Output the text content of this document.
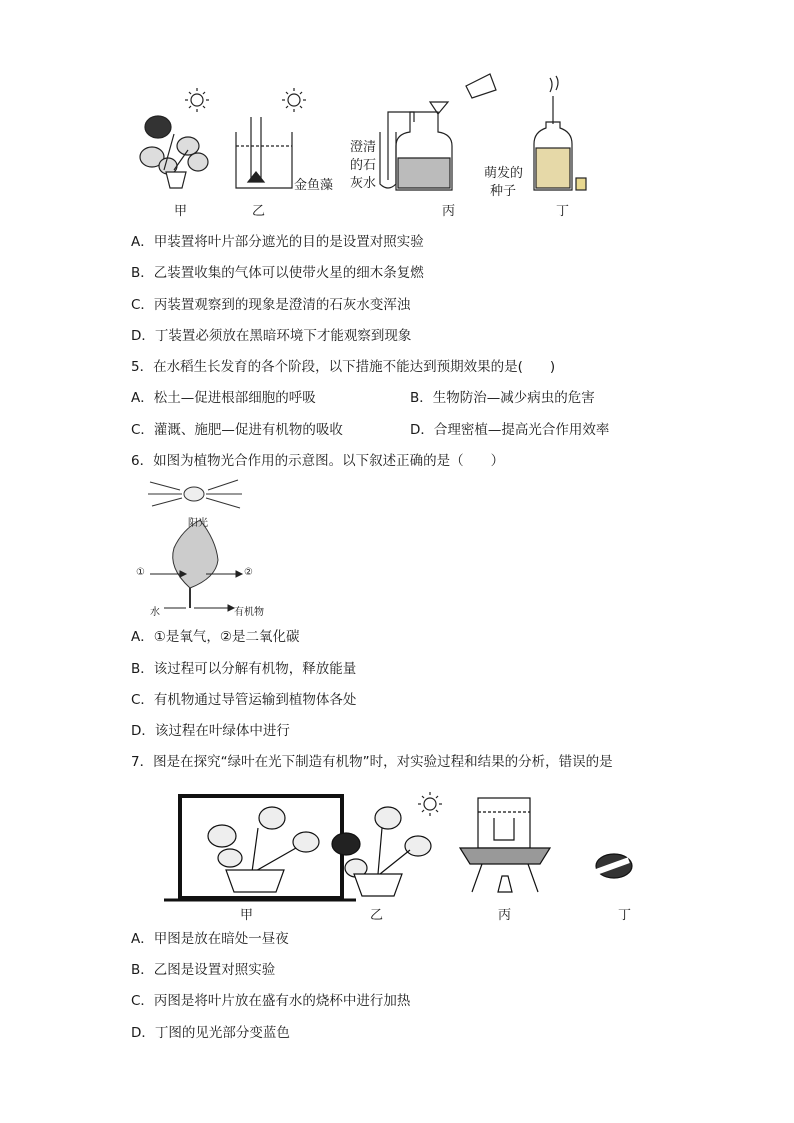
甲	乙	丙	丁
金鱼藻
澄清
的石
灰水
萌发的
种子
A．甲装置将叶片部分遮光的目的是设置对照实验
B．乙装置收集的气体可以使带火星的细木条复燃
C．丙装置观察到的现象是澄清的石灰水变浑浊
D．丁装置必须放在黑暗环境下才能观察到现象
5．在水稻生长发育的各个阶段，以下措施不能达到预期效果的是(　　)
A．松土—促进根部细胞的呼吸	B．生物防治—减少病虫的危害
C．灌溉、施肥—促进有机物的吸收	D．合理密植—提高光合作用效率
6．如图为植物光合作用的示意图。以下叙述正确的是（　　）
阳光
①	②
水	有机物
A．①是氧气，②是二氧化碳
B．该过程可以分解有机物，释放能量
C．有机物通过导管运输到植物体各处
D．该过程在叶绿体中进行
7．图是在探究“绿叶在光下制造有机物”时，对实验过程和结果的分析，错误的是
甲	乙	丙	丁
A．甲图是放在暗处一昼夜
B．乙图是设置对照实验
C．丙图是将叶片放在盛有水的烧杯中进行加热
D．丁图的见光部分变蓝色
